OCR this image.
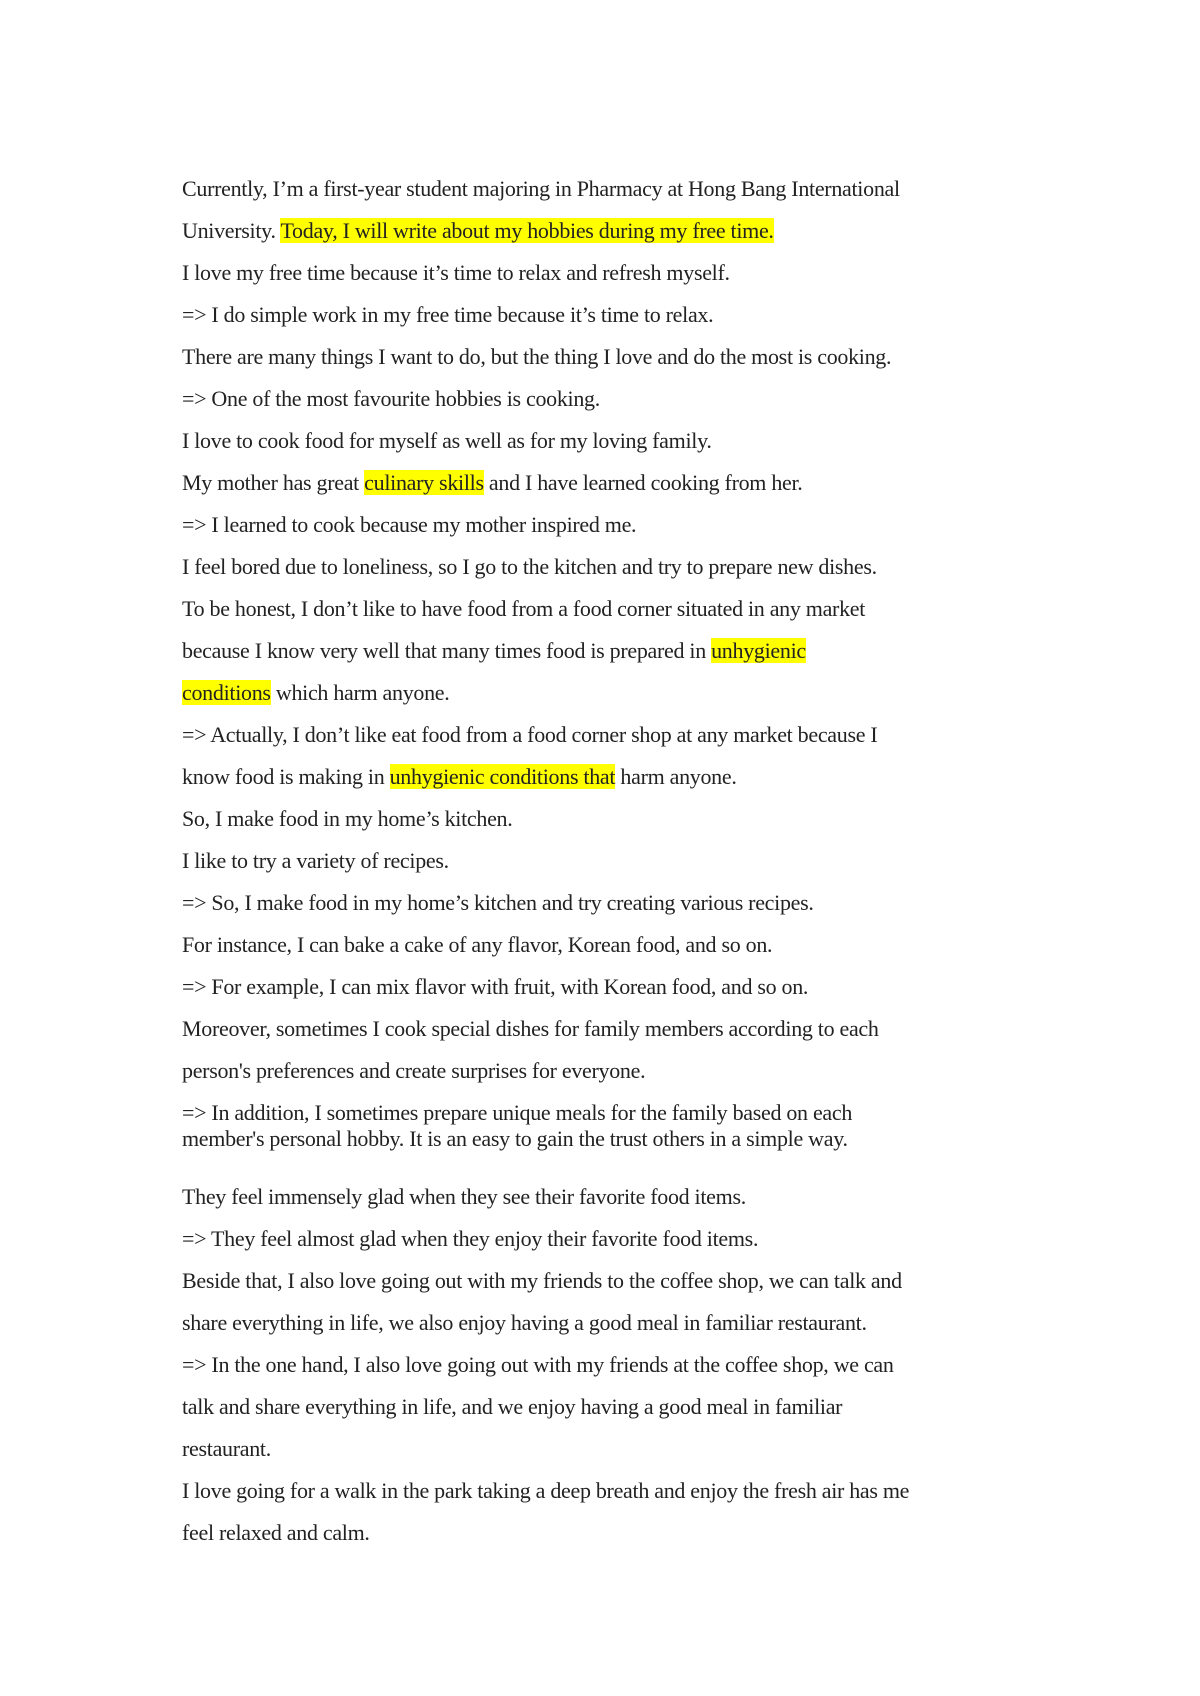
Currently, I’m a first-year student majoring in Pharmacy at Hong Bang International
University. Today, I will write about my hobbies during my free time.
I love my free time because it’s time to relax and refresh myself.
=> I do simple work in my free time because it’s time to relax.
There are many things I want to do, but the thing I love and do the most is cooking.
=> One of the most favourite hobbies is cooking.
I love to cook food for myself as well as for my loving family.
My mother has great culinary skills and I have learned cooking from her.
=> I learned to cook because my mother inspired me.
I feel bored due to loneliness, so I go to the kitchen and try to prepare new dishes.
To be honest, I don’t like to have food from a food corner situated in any market
because I know very well that many times food is prepared in unhygienic
conditions which harm anyone.
=> Actually, I don’t like eat food from a food corner shop at any market because I
know food is making in unhygienic conditions that harm anyone.
So, I make food in my home’s kitchen.
I like to try a variety of recipes.
=> So, I make food in my home’s kitchen and try creating various recipes.
For instance, I can bake a cake of any flavor, Korean food, and so on.
=> For example, I can mix flavor with fruit, with Korean food, and so on.
Moreover, sometimes I cook special dishes for family members according to each
person's preferences and create surprises for everyone.
=> In addition, I sometimes prepare unique meals for the family based on each
member's personal hobby. It is an easy to gain the trust others in a simple way.
They feel immensely glad when they see their favorite food items.
=> They feel almost glad when they enjoy their favorite food items.
Beside that, I also love going out with my friends to the coffee shop, we can talk and
share everything in life, we also enjoy having a good meal in familiar restaurant.
=> In the one hand, I also love going out with my friends at the coffee shop, we can
talk and share everything in life, and we enjoy having a good meal in familiar
restaurant.
I love going for a walk in the park taking a deep breath and enjoy the fresh air has me
feel relaxed and calm.
